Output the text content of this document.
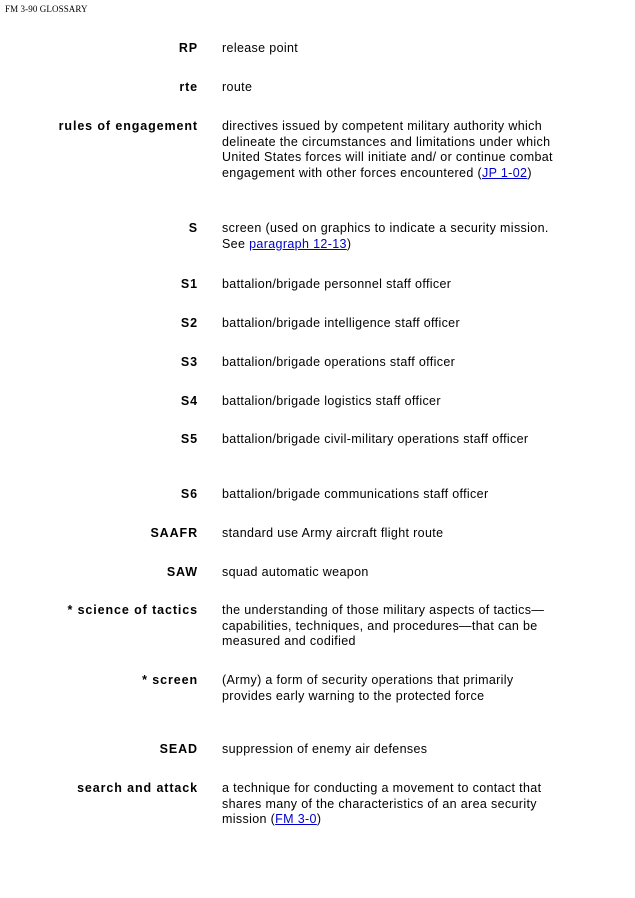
FM 3-90 GLOSSARY
RP release point
rte route
rules of engagement directives issued by competent military authority which delineate the circumstances and limitations under which United States forces will initiate and/ or continue combat engagement with other forces encountered (JP 1-02)
S screen (used on graphics to indicate a security mission. See paragraph 12-13)
S1 battalion/brigade personnel staff officer
S2 battalion/brigade intelligence staff officer
S3 battalion/brigade operations staff officer
S4 battalion/brigade logistics staff officer
S5 battalion/brigade civil-military operations staff officer
S6 battalion/brigade communications staff officer
SAAFR standard use Army aircraft flight route
SAW squad automatic weapon
* science of tactics the understanding of those military aspects of tactics—capabilities, techniques, and procedures—that can be measured and codified
* screen (Army) a form of security operations that primarily provides early warning to the protected force
SEAD suppression of enemy air defenses
search and attack a technique for conducting a movement to contact that shares many of the characteristics of an area security mission (FM 3-0)
